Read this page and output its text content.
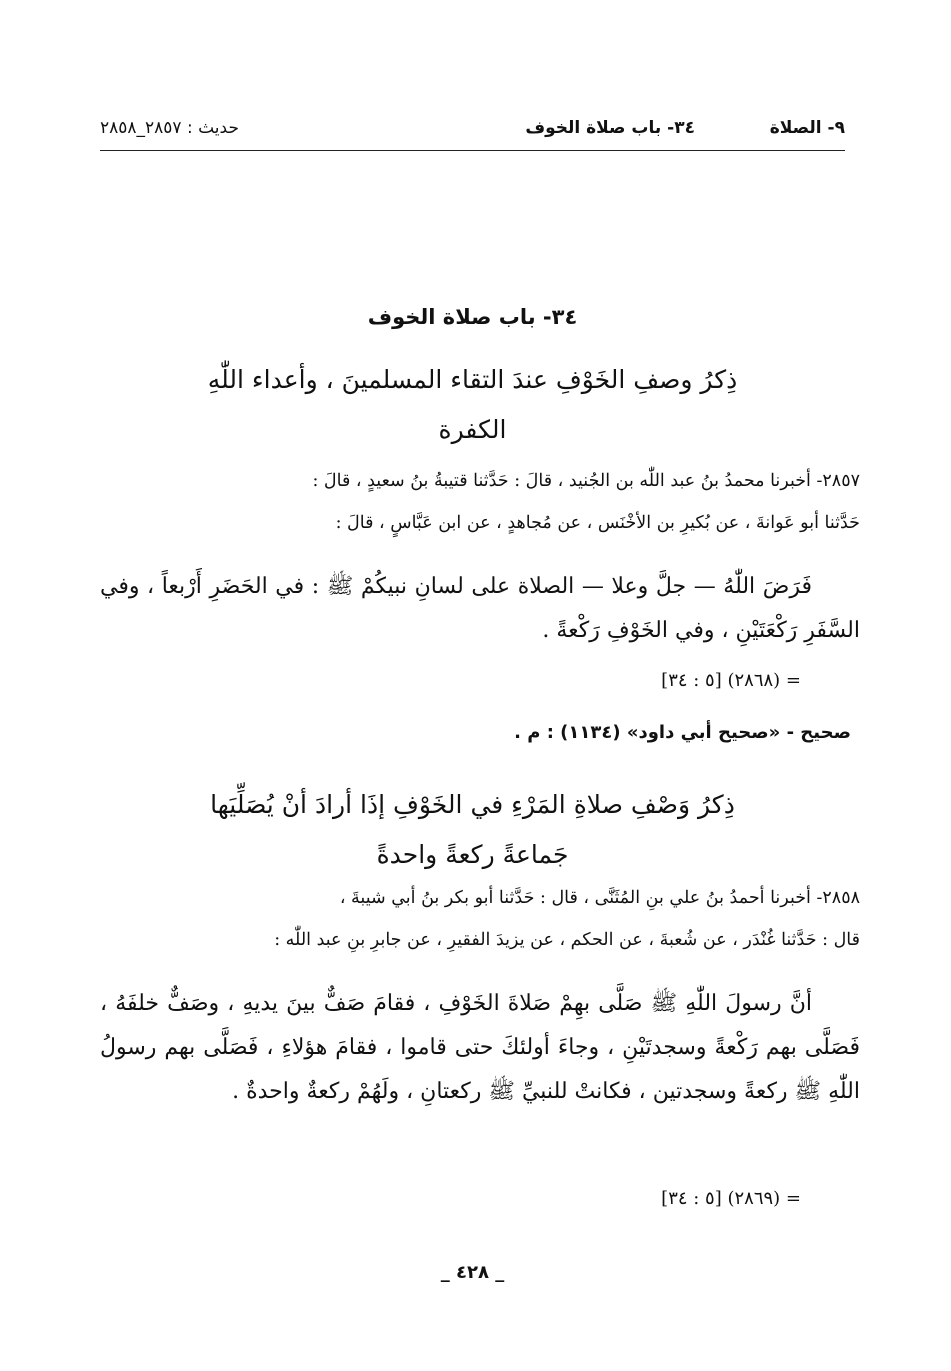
٩- الصلاة
٣٤- باب صلاة الخوف
حديث : ٢٨٥٧_٢٨٥٨
٣٤- باب صلاة الخوف
ذِكرُ وصفِ الخَوْفِ عندَ التقاء المسلمينَ ، وأعداء اللّٰهِ
الكفرة
٢٨٥٧- أخبرنا محمدُ بنُ عبد اللّٰه بن الجُنيد ، قالَ : حَدَّثنا قتيبةُ بنُ سعيدٍ ، قالَ :
حَدَّثنا أبو عَوانةَ ، عن بُكيرِ بن الأخْنَس ، عن مُجاهدٍ ، عن ابن عَبَّاسٍ ، قالَ :
فَرَضَ اللّٰهُ — جلَّ وعلا — الصلاة على لسانِ نبيكُمْ ﷺ : في الحَضَرِ أَرْبعاً ، وفي السَّفَرِ رَكْعَتَيْنِ ، وفي الخَوْفِ رَكْعةً .
= (٢٨٦٨) [٥ : ٣٤]
صحيح - «صحيح أبي داود» (١١٣٤) : م .
ذِكرُ وَصْفِ صلاةِ المَرْءِ في الخَوْفِ إذَا أرادَ أنْ يُصَلِّيَها
جَماعةً ركعةً واحدةً
٢٨٥٨- أخبرنا أحمدُ بنُ علي بنِ المُثَنَّى ، قال : حَدَّثنا أبو بكر بنُ أبي شيبةَ ،
قال : حَدَّثنا غُنْدَر ، عن شُعبةَ ، عن الحكم ، عن يزيدَ الفقيرِ ، عن جابرِ بنِ عبد اللّٰه :
أنَّ رسولَ اللّٰهِ ﷺ صَلَّى بهِمْ صَلاةَ الخَوْفِ ، فقامَ صَفٌّ بينَ يديهِ ، وصَفٌّ خلفَهُ ، فَصَلَّى بهم رَكْعةً وسجدتَيْنِ ، وجاءَ أولئكَ حتى قاموا ، فقامَ هؤلاءِ ، فَصَلَّى بهم رسولُ اللّٰهِ ﷺ ركعةً وسجدتين ، فكانتْ للنبيِّ ﷺ ركعتانِ ، ولَهُمْ ركعةٌ واحدةٌ .
= (٢٨٦٩) [٥ : ٣٤]
_ ٤٢٨ _
